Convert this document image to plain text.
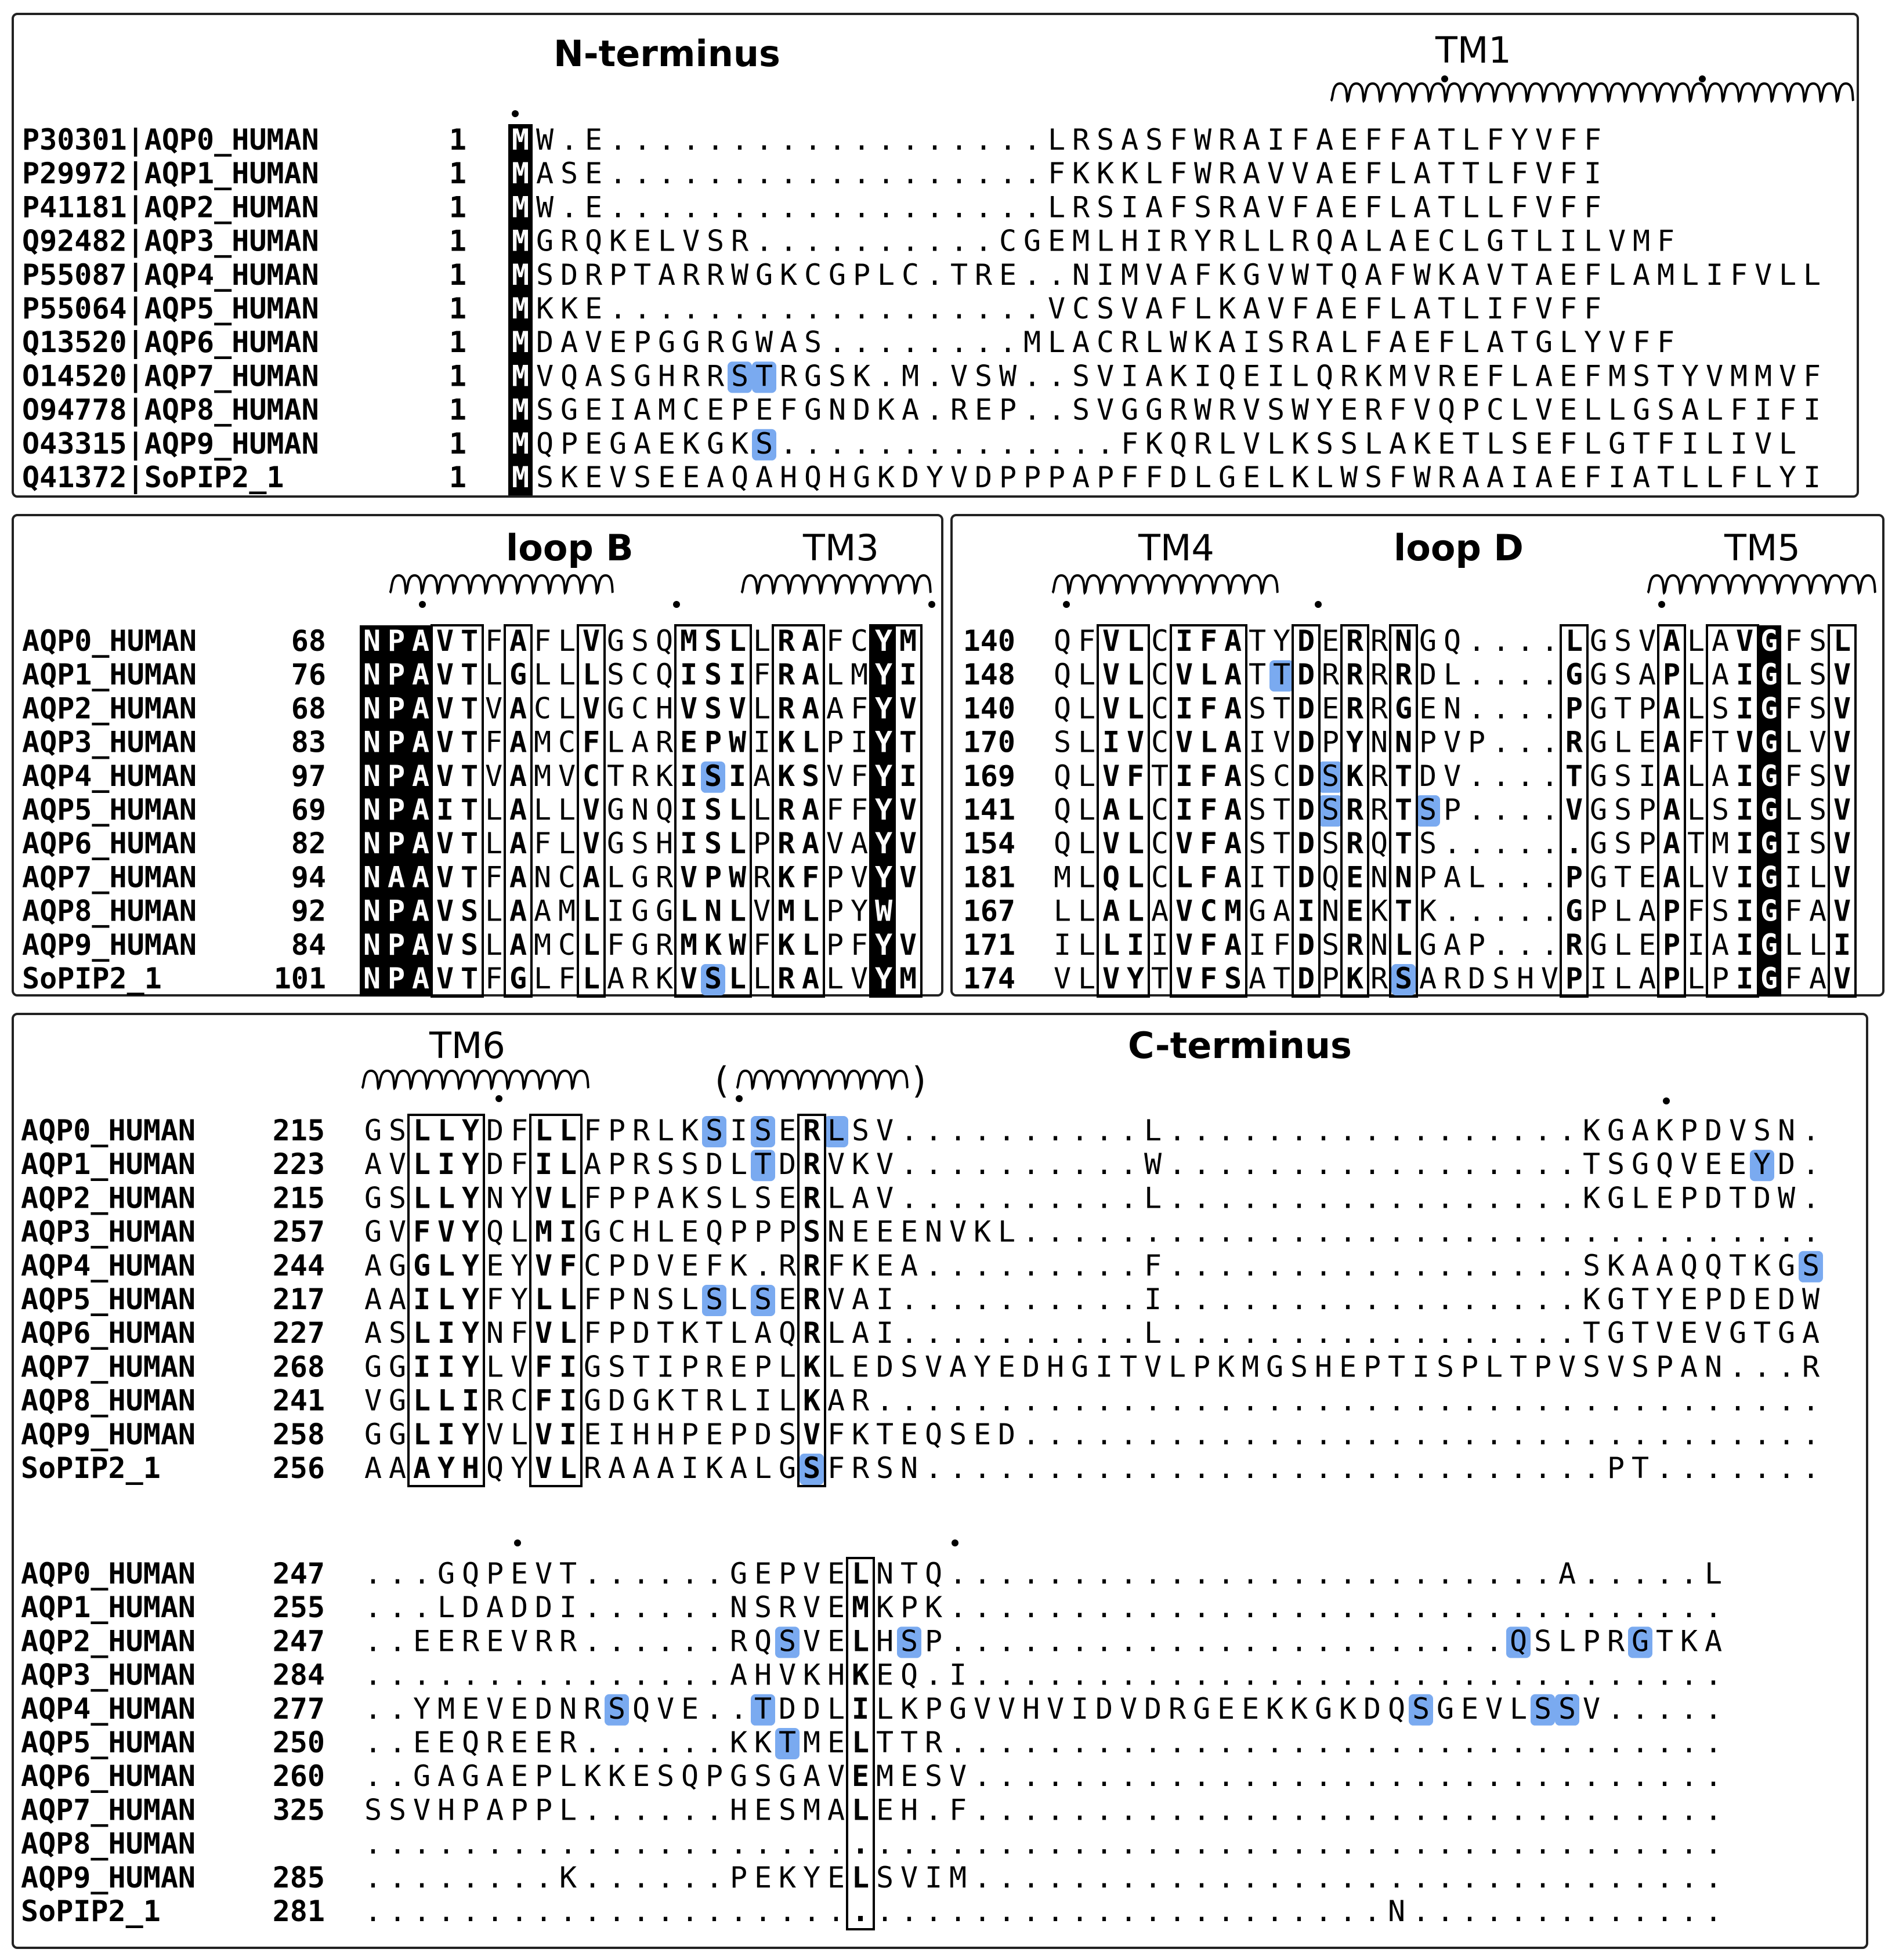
N-terminus	TM1
P30301|AQP0_HUMAN	1 M W . E . . . . . . . . . . . . . . . . . . L R S A S F W R A I F A E F F A T L F Y V F F
P29972|AQP1_HUMAN	1 M A S E . . . . . . . . . . . . . . . . . . F K K K L F W R A V V A E F L A T T L F V F I
P41181|AQP2_HUMAN	1 M W . E . . . . . . . . . . . . . . . . . . L R S I A F S R A V F A E F L A T L L F V F F
Q92482|AQP3_HUMAN	1 M G R Q K E L V S R . . . . . . . . . . C G E M L H I R Y R L L R Q A L A E C L G T L I L V M F
P55087|AQP4_HUMAN	1 M S D R P T A R R W G K C G P L C . T R E . . N I M V A F K G V W T Q A F W K A V T A E F L A M L I F V L L
P55064|AQP5_HUMAN	1 M K K E . . . . . . . . . . . . . . . . . . V C S V A F L K A V F A E F L A T L I F V F F
Q13520|AQP6_HUMAN	1 M D A V E P G G R G W A S . . . . . . . . M L A C R L W K A I S R A L F A E F L A T G L Y V F F
O14520|AQP7_HUMAN	1 M V Q A S G H R R S T R G S K . M . V S W . . S V I A K I Q E I L Q R K M V R E F L A E F M S T Y V M M V F
O94778|AQP8_HUMAN	1 M S G E I A M C E P E F G N D K A . R E P . . S V G G R W R V S W Y E R F V Q P C L V E L L G S A L F I F I
O43315|AQP9_HUMAN	1 M Q P E G A E K G K S . . . . . . . . . . . . . . F K Q R L V L K S S L A K E T L S E F L G T F I L I V L
Q41372|SoPIP2_1	1 M S K E V S E E A Q A H Q H G K D Y V D P P P A P F F D L G E L K L W S F W R A A I A E F I A T L L F L Y I
loop B	TM3
AQP0_HUMAN	68 N P A V T F A F L V G S Q M S L L R A F C Y M
AQP1_HUMAN	76 N P A V T L G L L L S C Q I S I F R A L M Y I
AQP2_HUMAN	68 N P A V T V A C L V G C H V S V L R A A F Y V
AQP3_HUMAN	83 N P A V T F A M C F L A R E P W I K L P I Y T
AQP4_HUMAN	97 N P A V T V A M V C T R K I S I A K S V F Y I
AQP5_HUMAN	69 N P A I T L A L L V G N Q I S L L R A F F Y V
AQP6_HUMAN	82 N P A V T L A F L V G S H I S L P R A V A Y V
AQP7_HUMAN	94 N A A V T F A N C A L G R V P W R K F P V Y V
AQP8_HUMAN	92 N P A V S L A A M L I G G L N L V M L P Y W
AQP9_HUMAN	84 N P A V S L A M C L F G R M K W F K L P F Y V
SoPIP2_1	101 N P A V T F G L F L A R K V S L L R A L V Y M
TM4	loop D	TM5
140 Q F V L C I F A T Y D E R R N G Q . . . . L G S V A L A V G F S L
148 Q L V L C V L A T T D R R R R D L . . . . G G S A P L A I G L S V
140 Q L V L C I F A S T D E R R G E N . . . . P G T P A L S I G F S V
170 S L I V C V L A I V D P Y N N P V P . . . R G L E A F T V G L V V
169 Q L V F T I F A S C D S K R T D V . . . . T G S I A L A I G F S V
141 Q L A L C I F A S T D S R R T S P . . . . V G S P A L S I G L S V
154 Q L V L C V F A S T D S R Q T S . . . . . . G S P A T M I G I S V
181 M L Q L C L F A I T D Q E N N P A L . . . P G T E A L V I G I L V
167 L L A L A V C M G A I N E K T K . . . . . G P L A P F S I G F A V
171 I L L I I V F A I F D S R N L G A P . . . R G L E P I A I G L L I
174 V L V Y T V F S A T D P K R S A R D S H V P I L A P L P I G F A V
TM6	C-terminus
(	)
AQP0_HUMAN	215 G S L L Y D F L L F P R L K S I S E R L S V . . . . . . . . . . L . . . . . . . . . . . . . . . . . K G A K P D V S N .
AQP1_HUMAN	223 A V L I Y D F I L A P R S S D L T D R V K V . . . . . . . . . . W . . . . . . . . . . . . . . . . . T S G Q V E E Y D .
AQP2_HUMAN	215 G S L L Y N Y V L F P P A K S L S E R L A V . . . . . . . . . . L . . . . . . . . . . . . . . . . . K G L E P D T D W .
AQP3_HUMAN	257 G V F V Y Q L M I G C H L E Q P P P S N E E E N V K L . . . . . . . . . . . . . . . . . . . . . . . . . . . . . . . . .
AQP4_HUMAN	244 A G G L Y E Y V F C P D V E F K . R R F K E A . . . . . . . . . F . . . . . . . . . . . . . . . . . S K A A Q Q T K G S
AQP5_HUMAN	217 A A I L Y F Y L L F P N S L S L S E R V A I . . . . . . . . . . I . . . . . . . . . . . . . . . . . K G T Y E P D E D W
AQP6_HUMAN	227 A S L I Y N F V L F P D T K T L A Q R L A I . . . . . . . . . . L . . . . . . . . . . . . . . . . . T G T V E V G T G A
AQP7_HUMAN	268 G G I I Y L V F I G S T I P R E P L K L E D S V A Y E D H G I T V L P K M G S H E P T I S P L T P V S V S P A N . . . R
AQP8_HUMAN	241 V G L L I R C F I G D G K T R L I L K A R . . . . . . . . . . . . . . . . . . . . . . . . . . . . . . . . . . . . . . .
AQP9_HUMAN	258 G G L I Y V L V I E I H H P E P D S V F K T E Q S E D . . . . . . . . . . . . . . . . . . . . . . . . . . . . . . . . .
SoPIP2_1	256 A A A Y H Q Y V L R A A A I K A L G S F R S N . . . . . . . . . . . . . . . . . . . . . . . . . . . . P T . . . . . . .
AQP0_HUMAN	247 . . . G Q P E V T . . . . . . G E P V E L N T Q . . . . . . . . . . . . . . . . . . . . . . . . . A . . . . . L
AQP1_HUMAN	255 . . . L D A D D I . . . . . . N S R V E M K P K . . . . . . . . . . . . . . . . . . . . . . . . . . . . . . . .
AQP2_HUMAN	247 . . E E R E V R R . . . . . . R Q S V E L H S P . . . . . . . . . . . . . . . . . . . . . . . Q S L P R G T K A
AQP3_HUMAN	284 . . . . . . . . . . . . . . . A H V K H K E Q . I . . . . . . . . . . . . . . . . . . . . . . . . . . . . . . .
AQP4_HUMAN	277 . . Y M E V E D N R S Q V E . . T D D L I L K P G V V H V I D V D R G E E K K G K D Q S G E V L S S V . . . . .
AQP5_HUMAN	250 . . E E Q R E E R . . . . . . K K T M E L T T R . . . . . . . . . . . . . . . . . . . . . . . . . . . . . . . .
AQP6_HUMAN	260 . . G A G A E P L K K E S Q P G S G A V E M E S V . . . . . . . . . . . . . . . . . . . . . . . . . . . . . . .
AQP7_HUMAN	325 S S V H P A P P L . . . . . . H E S M A L E H . F . . . . . . . . . . . . . . . . . . . . . . . . . . . . . . .
AQP8_HUMAN	. . . . . . . . . . . . . . . . . . . . . . . . . . . . . . . . . . . . . . . . . . . . . . . . . . . . . . . .
AQP9_HUMAN	285 . . . . . . . . K . . . . . . P E K Y E L S V I M . . . . . . . . . . . . . . . . . . . . . . . . . . . . . . .
SoPIP2_1	281 . . . . . . . . . . . . . . . . . . . . . . . . . . . . . . . . . . . . . . . . . . N . . . . . . . . . . . . .
